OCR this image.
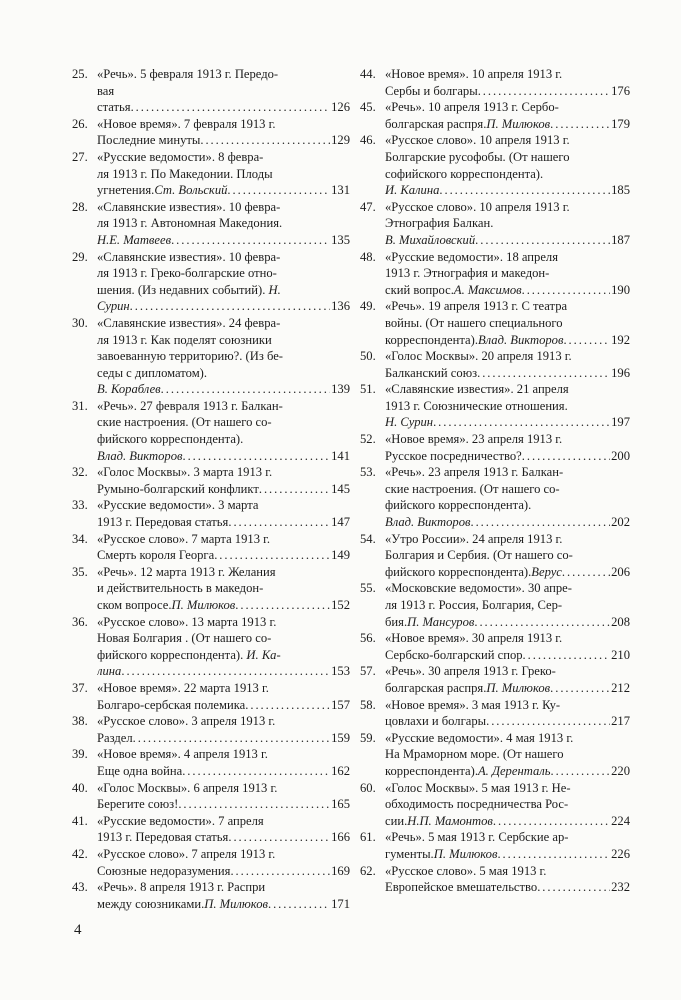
25. «Речь». 5 февраля 1913 г. Передо-
вая
статья . . .	126
26. «Новое время». 7 февраля 1913 г.
Последние минуты . . .	129
27. «Русские ведомости». 8 февра-
ля 1913 г. По Македонии. Плоды
угнетения. Ст. Вольский . . .	131
28. «Славянские известия». 10 февра-
ля 1913 г. Автономная Македония.
Н.Е. Матвеев . . .	135
29. «Славянские известия». 10 февра-
ля 1913 г. Греко-болгарские отно-
шения. (Из недавних событий). Н.
Сурин . . .	136
30. «Славянские известия». 24 февра-
ля 1913 г. Как поделят союзники
завоеванную территорию?. (Из бе-
седы с дипломатом).
В. Кораблев . . .	139
31. «Речь». 27 февраля 1913 г. Балкан-
ские настроения. (От нашего со-
фийского корреспондента).
Влад. Викторов . . .	141
32. «Голос Москвы». 3 марта 1913 г.
Румыно-болгарский конфликт . . .	145
33. «Русские ведомости». 3 марта
1913 г. Передовая статья . . .	147
34. «Русское слово». 7 марта 1913 г.
Смерть короля Георга . . .	149
35. «Речь». 12 марта 1913 г. Желания
и действительность в македон-
ском вопросе. П. Милюков . . .	152
36. «Русское слово». 13 марта 1913 г.
Новая Болгария . (От нашего со-
фийского корреспондента). И. Ка-
лина . . .	153
37. «Новое время». 22 марта 1913 г.
Болгаро-сербская полемика . . .	157
38. «Русское слово». 3 апреля 1913 г.
Раздел . . .	159
39. «Новое время». 4 апреля 1913 г.
Еще одна война . . .	162
40. «Голос Москвы». 6 апреля 1913 г.
Берегите союз! . . .	165
41. «Русские ведомости». 7 апреля
1913 г. Передовая статья . . .	166
42. «Русское слово». 7 апреля 1913 г.
Союзные недоразумения . . .	169
43. «Речь». 8 апреля 1913 г. Распри
между союзниками. П. Милюков . . .	171
44. «Новое время». 10 апреля 1913 г.
Сербы и болгары . . .	176
45. «Речь». 10 апреля 1913 г. Сербо-
болгарская распря. П. Милюков . . .	179
46. «Русское слово». 10 апреля 1913 г.
Болгарские русофобы. (От нашего
софийского корреспондента).
И. Калина . . .	185
47. «Русское слово». 10 апреля 1913 г.
Этнография Балкан.
В. Михайловский . . .	187
48. «Русские ведомости». 18 апреля
1913 г. Этнография и македон-
ский вопрос. А. Максимов . . .	190
49. «Речь». 19 апреля 1913 г. С театра
войны. (От нашего специального
корреспондента). Влад. Викторов . . .	192
50. «Голос Москвы». 20 апреля 1913 г.
Балканский союз . . .	196
51. «Славянские известия». 21 апреля
1913 г. Союзнические отношения.
Н. Сурин . . .	197
52. «Новое время». 23 апреля 1913 г.
Русское посредничество? . . .	200
53. «Речь». 23 апреля 1913 г. Балкан-
ские настроения. (От нашего со-
фийского корреспондента).
Влад. Викторов . . .	202
54. «Утро России». 24 апреля 1913 г.
Болгария и Сербия. (От нашего со-
фийского корреспондента). Верус . . .	206
55. «Московские ведомости». 30 апре-
ля 1913 г. Россия, Болгария, Сер-
бия. П. Мансуров . . .	208
56. «Новое время». 30 апреля 1913 г.
Сербско-болгарский спор . . .	210
57. «Речь». 30 апреля 1913 г. Греко-
болгарская распря. П. Милюков . . .	212
58. «Новое время». 3 мая 1913 г. Ку-
цовлахи и болгары . . .	217
59. «Русские ведомости». 4 мая 1913 г.
На Мраморном море. (От нашего
корреспондента). А. Деренталь . . .	220
60. «Голос Москвы». 5 мая 1913 г. Не-
обходимость посредничества Рос-
сии. Н.П. Мамонтов . . .	224
61. «Речь». 5 мая 1913 г. Сербские ар-
гументы. П. Милюков . . .	226
62. «Русское слово». 5 мая 1913 г.
Европейское вмешательство . . .	232
4
